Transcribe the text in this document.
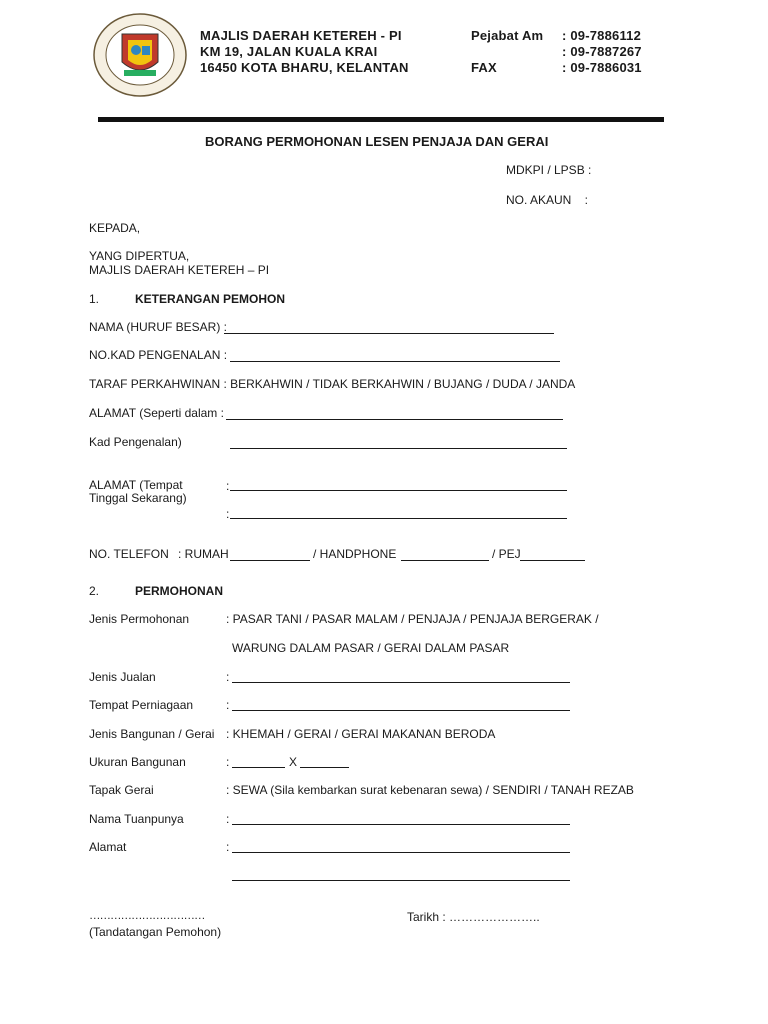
MAJLIS DAERAH KETEREH - PI
KM 19, JALAN KUALA KRAI
16450 KOTA BHARU, KELANTAN
Pejabat Am : 09-7886112
: 09-7887267
FAX	: 09-7886031
BORANG PERMOHONAN LESEN PENJAJA DAN GERAI
MDKPI / LPSB :
NO. AKAUN    :
KEPADA,
YANG DIPERTUA,
MAJLIS DAERAH KETEREH – PI
1.	KETERANGAN PEMOHON
NAMA (HURUF BESAR) :
NO.KAD PENGENALAN :
TARAF PERKAHWINAN : BERKAHWIN / TIDAK BERKAHWIN / BUJANG / DUDA / JANDA
ALAMAT (Seperti dalam :
Kad Pengenalan)
ALAMAT (Tempat
Tinggal Sekarang)
:
:
NO. TELEFON : RUMAH	/ HANDPHONE	/ PEJ
2.	PERMOHONAN
Jenis Permohonan	: PASAR TANI / PASAR MALAM / PENJAJA / PENJAJA BERGERAK /
WARUNG DALAM PASAR / GERAI DALAM PASAR
Jenis Jualan	:
Tempat Perniagaan	:
Jenis Bangunan / Gerai : KHEMAH / GERAI / GERAI MAKANAN BERODA
Ukuran Bangunan	:	X
Tapak Gerai	: SEWA (Sila kembarkan surat kebenaran sewa) / SENDIRI / TANAH REZAB
Nama Tuanpunya	:
Alamat	:
……………………………
(Tandatangan Pemohon)
Tarikh : …………………..
